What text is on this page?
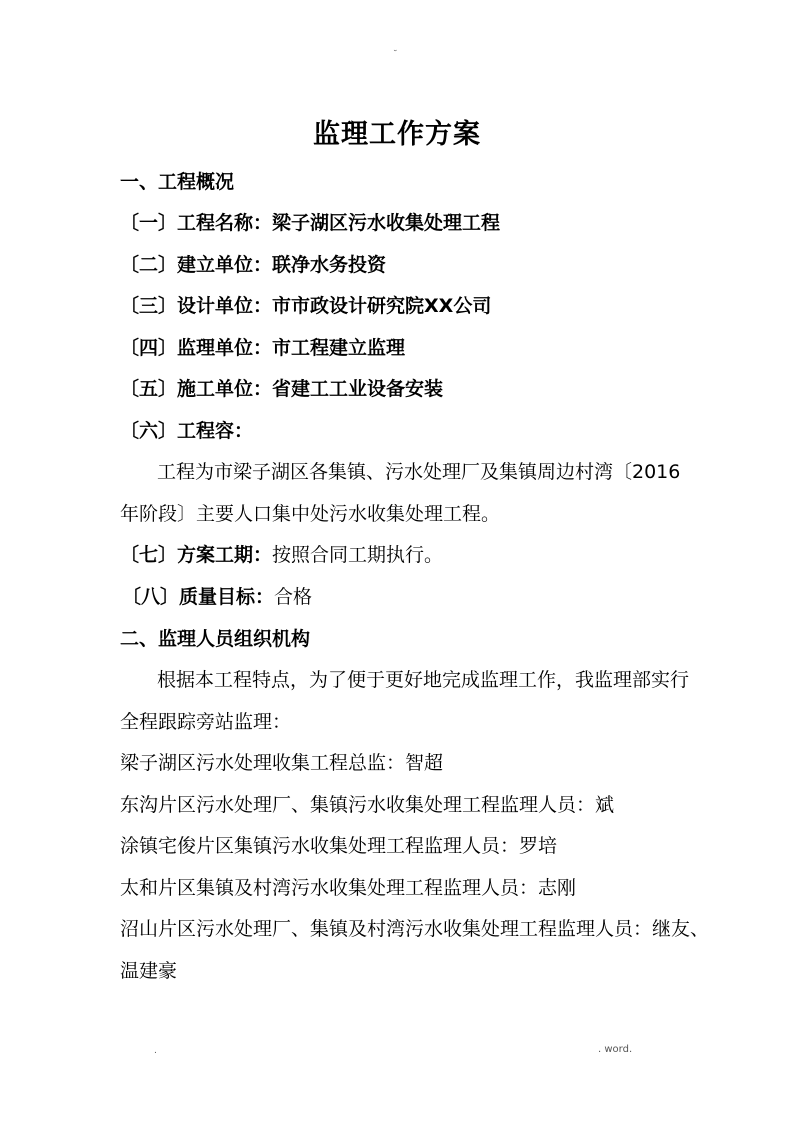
˘
监理工作方案
一、工程概况
〔一〕工程名称：梁子湖区污水收集处理工程
〔二〕建立单位：联净水务投资
〔三〕设计单位：市市政设计研究院XX公司
〔四〕监理单位：市工程建立监理
〔五〕施工单位：省建工工业设备安装
〔六〕工程容：
工程为市梁子湖区各集镇、污水处理厂及集镇周边村湾〔2016
年阶段〕主要人口集中处污水收集处理工程。
〔七〕方案工期：按照合同工期执行。
〔八〕质量目标：合格
二、监理人员组织机构
根据本工程特点，为了便于更好地完成监理工作，我监理部实行
全程跟踪旁站监理：
梁子湖区污水处理收集工程总监：智超
东沟片区污水处理厂、集镇污水收集处理工程监理人员：斌
涂镇宅俊片区集镇污水收集处理工程监理人员：罗培
太和片区集镇及村湾污水收集处理工程监理人员：志刚
沼山片区污水处理厂、集镇及村湾污水收集处理工程监理人员：继友、
温建豪
.	. word.
